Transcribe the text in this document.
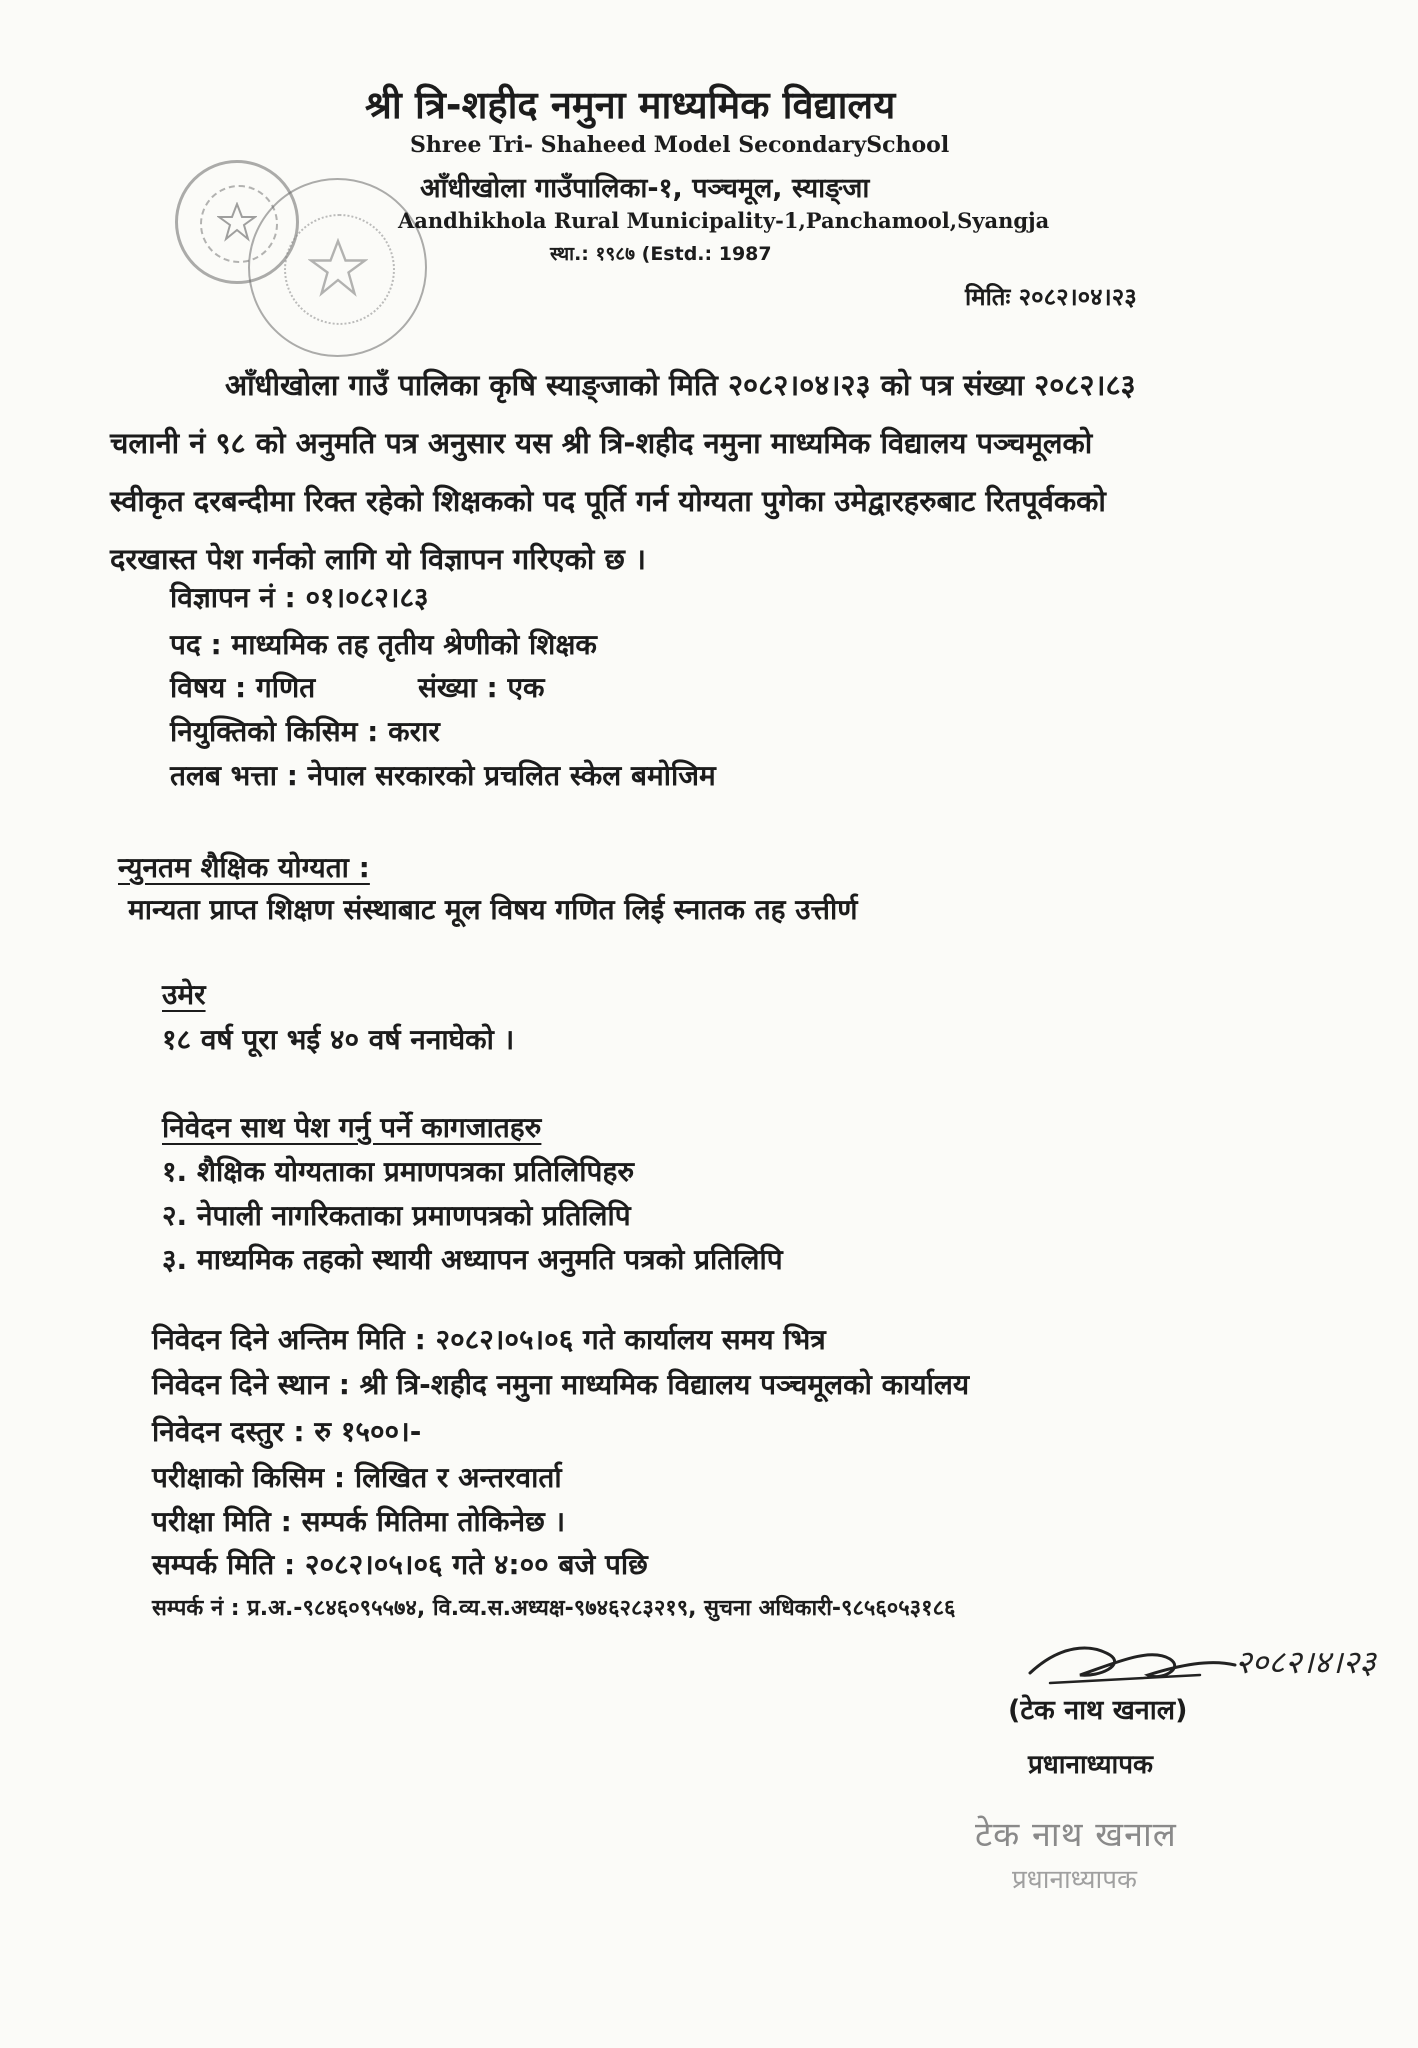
श्री त्रि-शहीद नमुना माध्यमिक विद्यालय
Shree Tri- Shaheed Model SecondarySchool
आँधीखोला गाउँपालिका-१, पञ्चमूल, स्याङ्जा
Aandhikhola Rural Municipality-1,Panchamool,Syangja
स्था.: १९८७ (Estd.: 1987
मितिः २०८२।०४।२३

आँधीखोला गाउँ पालिका कृषि स्याङ्जाको मिति २०८२।०४।२३ को पत्र संख्या २०८२।८३

चलानी नं ९८ को अनुमति पत्र अनुसार यस श्री त्रि-शहीद नमुना माध्यमिक विद्यालय पञ्चमूलको

स्वीकृत दरबन्दीमा रिक्त रहेको शिक्षकको पद पूर्ति गर्न योग्यता पुगेका उमेद्वारहरुबाट रितपूर्वकको

दरखास्त पेश गर्नको लागि यो विज्ञापन गरिएको छ ।

विज्ञापन नं : ०१।०८२।८३
पद : माध्यमिक तह तृतीय श्रेणीको शिक्षक
विषय : गणित	संख्या : एक
नियुक्तिको किसिम : करार
तलब भत्ता : नेपाल सरकारको प्रचलित स्केल बमोजिम
न्युनतम शैक्षिक योग्यता :
मान्यता प्राप्त शिक्षण संस्थाबाट मूल विषय गणित लिई स्नातक तह उत्तीर्ण
उमेर
१८ वर्ष पूरा भई ४० वर्ष ननाघेको ।
निवेदन साथ पेश गर्नु पर्ने कागजातहरु
१. शैक्षिक योग्यताका प्रमाणपत्रका प्रतिलिपिहरु
२. नेपाली नागरिकताका प्रमाणपत्रको प्रतिलिपि
३. माध्यमिक तहको स्थायी अध्यापन अनुमति पत्रको प्रतिलिपि
निवेदन दिने अन्तिम मिति : २०८२।०५।०६ गते कार्यालय समय भित्र
निवेदन दिने स्थान : श्री त्रि-शहीद नमुना माध्यमिक विद्यालय पञ्चमूलको कार्यालय
निवेदन दस्तुर : रु १५००।-
परीक्षाको किसिम : लिखित र अन्तरवार्ता
परीक्षा मिति : सम्पर्क मितिमा तोकिनेछ ।
सम्पर्क मिति : २०८२।०५।०६ गते ४:०० बजे पछि
सम्पर्क नं : प्र.अ.-९८४६०९५५७४, वि.व्य.स.अध्यक्ष-९७४६२८३२१९, सुचना अधिकारी-९८५६०५३१८६
२०८२।४।२३
(टेक नाथ खनाल)
प्रधानाध्यापक
टेक नाथ खनाल
प्रधानाध्यापक
